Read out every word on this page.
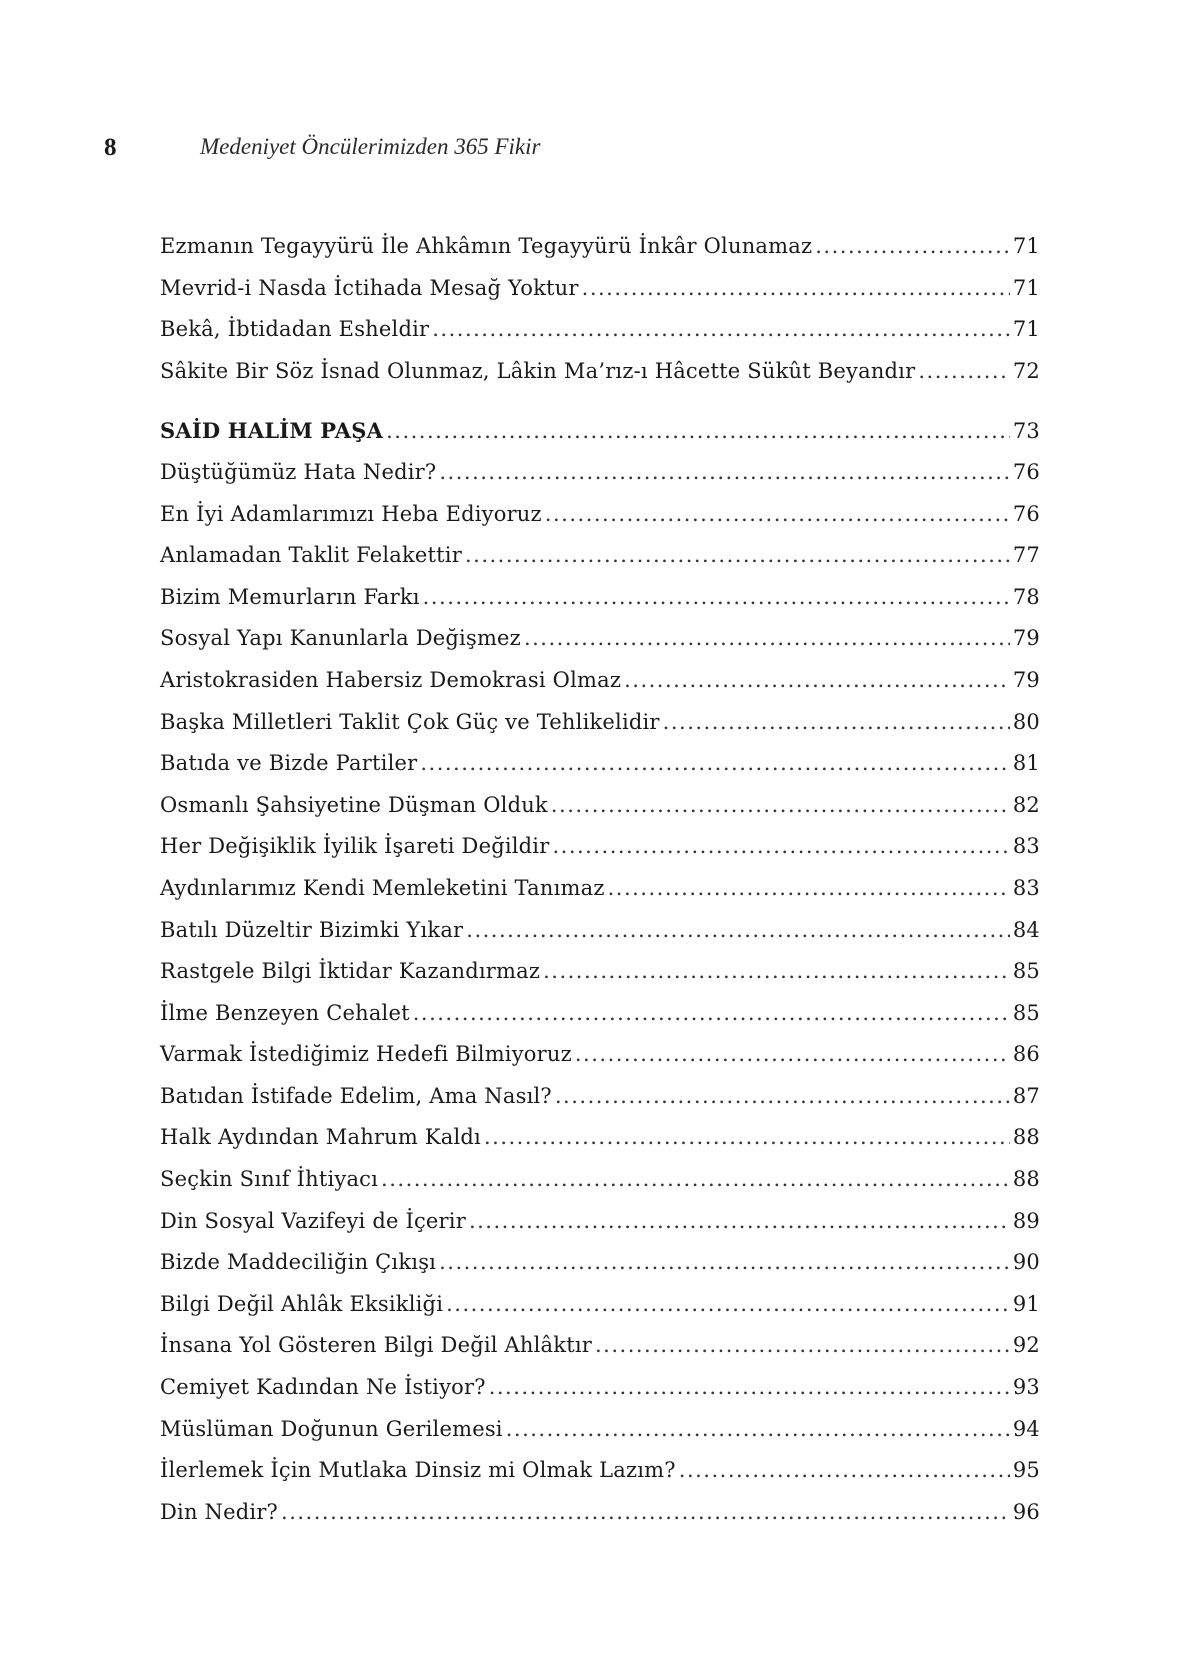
8	Medeniyet Öncülerimizden 365 Fikir
Ezmanın Tegayyürü İle Ahkâmın Tegayyürü İnkâr Olunamaz .....	71
Mevrid-i Nasda İctihada Mesağ Yoktur .....	71
Bekâ, İbtidadan Esheldir .....	71
Sâkite Bir Söz İsnad Olunmaz, Lâkin Ma’rız-ı Hâcette Sükût Beyandır .....	72
SAİD HALİM PAŞA .....	73
Düştüğümüz Hata Nedir? .....	76
En İyi Adamlarımızı Heba Ediyoruz .....	76
Anlamadan Taklit Felakettir .....	77
Bizim Memurların Farkı .....	78
Sosyal Yapı Kanunlarla Değişmez .....	79
Aristokrasiden Habersiz Demokrasi Olmaz .....	79
Başka Milletleri Taklit Çok Güç ve Tehlikelidir .....	80
Batıda ve Bizde Partiler .....	81
Osmanlı Şahsiyetine Düşman Olduk .....	82
Her Değişiklik İyilik İşareti Değildir .....	83
Aydınlarımız Kendi Memleketini Tanımaz .....	83
Batılı Düzeltir Bizimki Yıkar .....	84
Rastgele Bilgi İktidar Kazandırmaz .....	85
İlme Benzeyen Cehalet .....	85
Varmak İstediğimiz Hedefi Bilmiyoruz .....	86
Batıdan İstifade Edelim, Ama Nasıl? .....	87
Halk Aydından Mahrum Kaldı .....	88
Seçkin Sınıf İhtiyacı .....	88
Din Sosyal Vazifeyi de İçerir .....	89
Bizde Maddeciliğin Çıkışı .....	90
Bilgi Değil Ahlâk Eksikliği .....	91
İnsana Yol Gösteren Bilgi Değil Ahlâktır .....	92
Cemiyet Kadından Ne İstiyor? .....	93
Müslüman Doğunun Gerilemesi .....	94
İlerlemek İçin Mutlaka Dinsiz mi Olmak Lazım? .....	95
Din Nedir? .....	96
